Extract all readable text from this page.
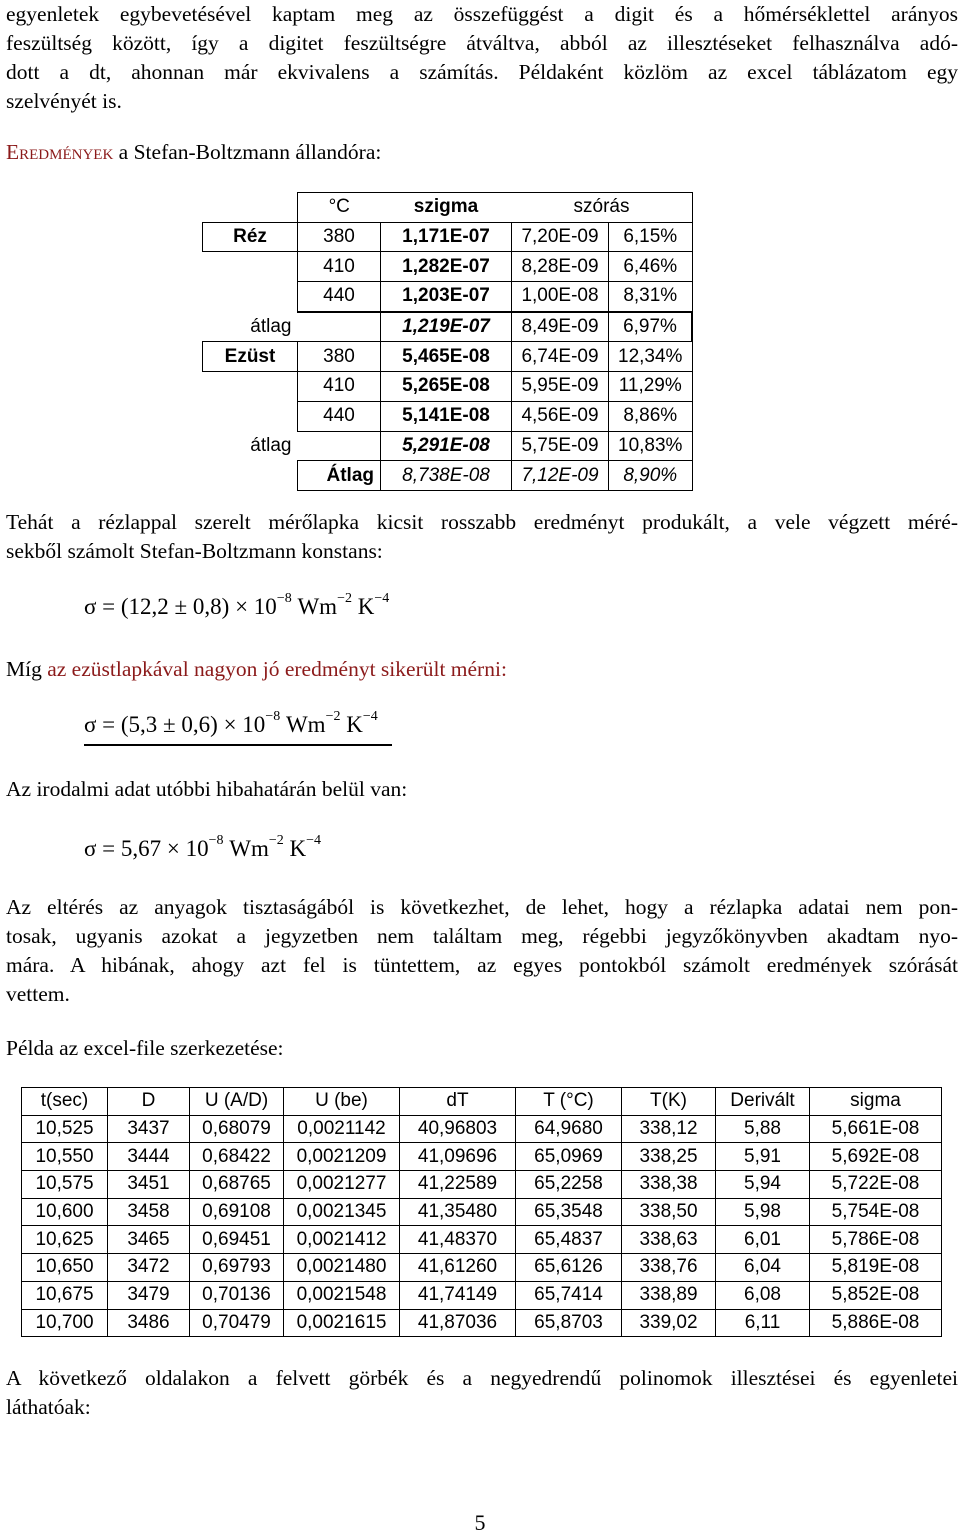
egyenletek egybevetésével kaptam meg az összefüggést a digit és a hőmérséklettel arányos
feszültség között, így a digitet feszültségre átváltva, abból az illesztéseket felhasználva adó-
dott a dt, ahonnan már ekvivalens a számítás. Példaként közlöm az excel táblázatom egy
szelvényét is.
Eredmények a Stefan-Boltzmann állandóra:
	°C	szigma	szórás	
Réz	380	1,171E-07	7,20E-09	6,15%
	410	1,282E-07	8,28E-09	6,46%
	440	1,203E-07	1,00E-08	8,31%
átlag		1,219E-07	8,49E-09	6,97%
Ezüst	380	5,465E-08	6,74E-09	12,34%
	410	5,265E-08	5,95E-09	11,29%
	440	5,141E-08	4,56E-09	8,86%
átlag		5,291E-08	5,75E-09	10,83%
	Átlag	8,738E-08	7,12E-09	8,90%
Tehát a rézlappal szerelt mérőlapka kicsit rosszabb eredményt produkált, a vele végzett méré-
sekből számolt Stefan-Boltzmann konstans:
$\sigma = (12,2 \pm 0,8) \times 10^{-8}$ $Wm^{-2}$ $K^{-4}$
Míg az ezüstlapkával nagyon jó eredményt sikerült mérni:
$\sigma = (5,3 \pm 0,6) \times 10^{-8}$ $Wm^{-2}$ $K^{-4}$
Az irodalmi adat utóbbi hibahatárán belül van:
$\sigma = 5,67 \times 10^{-8}$ $Wm^{-2}$ $K^{-4}$
Az eltérés az anyagok tisztaságából is következhet, de lehet, hogy a rézlapka adatai nem pon-
tosak, ugyanis azokat a jegyzetben nem találtam meg, régebbi jegyzőkönyvben akadtam nyo-
mára. A hibának, ahogy azt fel is tüntettem, az egyes pontokból számolt eredmények szórását
vettem.
Példa az excel-file szerkezetése:
t(sec)	D	U (A/D)	U (be)	dT	T (°C)	T(K)	Derivált	sigma
10,525	3437	0,68079	0,0021142	40,96803	64,9680	338,12	5,88	5,661E-08
10,550	3444	0,68422	0,0021209	41,09696	65,0969	338,25	5,91	5,692E-08
10,575	3451	0,68765	0,0021277	41,22589	65,2258	338,38	5,94	5,722E-08
10,600	3458	0,69108	0,0021345	41,35480	65,3548	338,50	5,98	5,754E-08
10,625	3465	0,69451	0,0021412	41,48370	65,4837	338,63	6,01	5,786E-08
10,650	3472	0,69793	0,0021480	41,61260	65,6126	338,76	6,04	5,819E-08
10,675	3479	0,70136	0,0021548	41,74149	65,7414	338,89	6,08	5,852E-08
10,700	3486	0,70479	0,0021615	41,87036	65,8703	339,02	6,11	5,886E-08
A következő oldalakon a felvett görbék és a negyedrendű polinomok illesztései és egyenletei
láthatóak:
5
